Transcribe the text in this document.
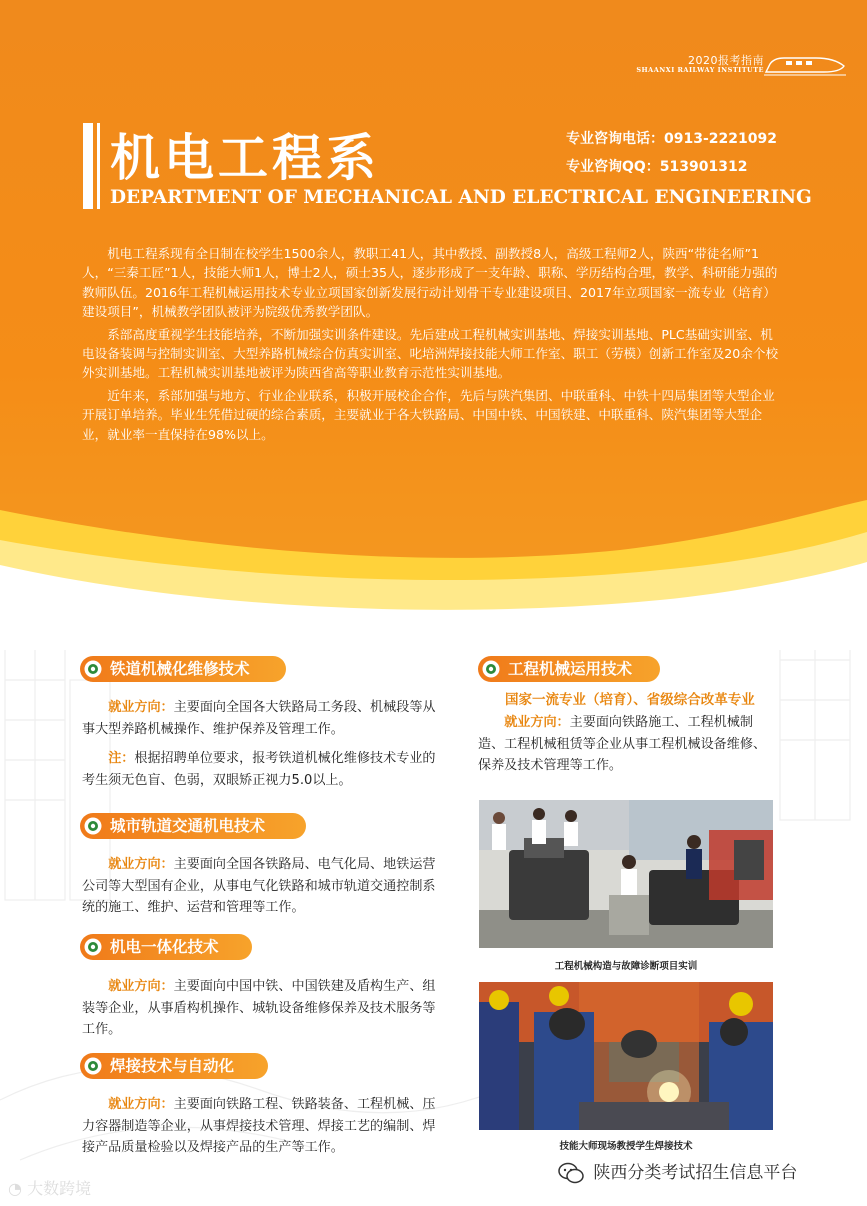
2020报考指南
SHAANXI RAILWAY INSTITUTE
机电工程系
DEPARTMENT OF MECHANICAL AND ELECTRICAL ENGINEERING
专业咨询电话：0913-2221092
专业咨询QQ：513901312

机电工程系现有全日制在校学生1500余人，教职工41人，其中教授、副教授8人，高级工程师2人，陕西“带徒名师”1人，“三秦工匠”1人，技能大师1人，博士2人，硕士35人，逐步形成了一支年龄、职称、学历结构合理，教学、科研能力强的教师队伍。2016年工程机械运用技术专业立项国家创新发展行动计划骨干专业建设项目、2017年立项国家一流专业（培育）建设项目”，机械教学团队被评为院级优秀教学团队。

系部高度重视学生技能培养，不断加强实训条件建设。先后建成工程机械实训基地、焊接实训基地、PLC基础实训室、机电设备装调与控制实训室、大型养路机械综合仿真实训室、叱培洲焊接技能大师工作室、职工（劳模）创新工作室及20余个校外实训基地。工程机械实训基地被评为陕西省高等职业教育示范性实训基地。

近年来，系部加强与地方、行业企业联系，积极开展校企合作，先后与陕汽集团、中联重科、中铁十四局集团等大型企业开展订单培养。毕业生凭借过硬的综合素质，主要就业于各大铁路局、中国中铁、中国铁建、中联重科、陕汽集团等大型企业，就业率一直保持在98%以上。

铁道机械化维修技术

就业方向：主要面向全国各大铁路局工务段、机械段等从事大型养路机械操作、维护保养及管理工作。

注：根据招聘单位要求，报考铁道机械化维修技术专业的考生须无色盲、色弱，双眼矫正视力5.0以上。

城市轨道交通机电技术

就业方向：主要面向全国各铁路局、电气化局、地铁运营公司等大型国有企业，从事电气化铁路和城市轨道交通控制系统的施工、维护、运营和管理等工作。

机电一体化技术

就业方向：主要面向中国中铁、中国铁建及盾构生产、组装等企业，从事盾构机操作、城轨设备维修保养及技术服务等工作。

焊接技术与自动化

就业方向：主要面向铁路工程、铁路装备、工程机械、压力容器制造等企业，从事焊接技术管理、焊接工艺的编制、焊接产品质量检验以及焊接产品的生产等工作。

工程机械运用技术
国家一流专业（培育）、省级综合改革专业

就业方向：主要面向铁路施工、工程机械制造、工程机械租赁等企业从事工程机械设备维修、保养及技术管理等工作。

工程机械构造与故障诊断项目实训
技能大师现场教授学生焊接技术
◔ 大数跨境
陕西分类考试招生信息平台
